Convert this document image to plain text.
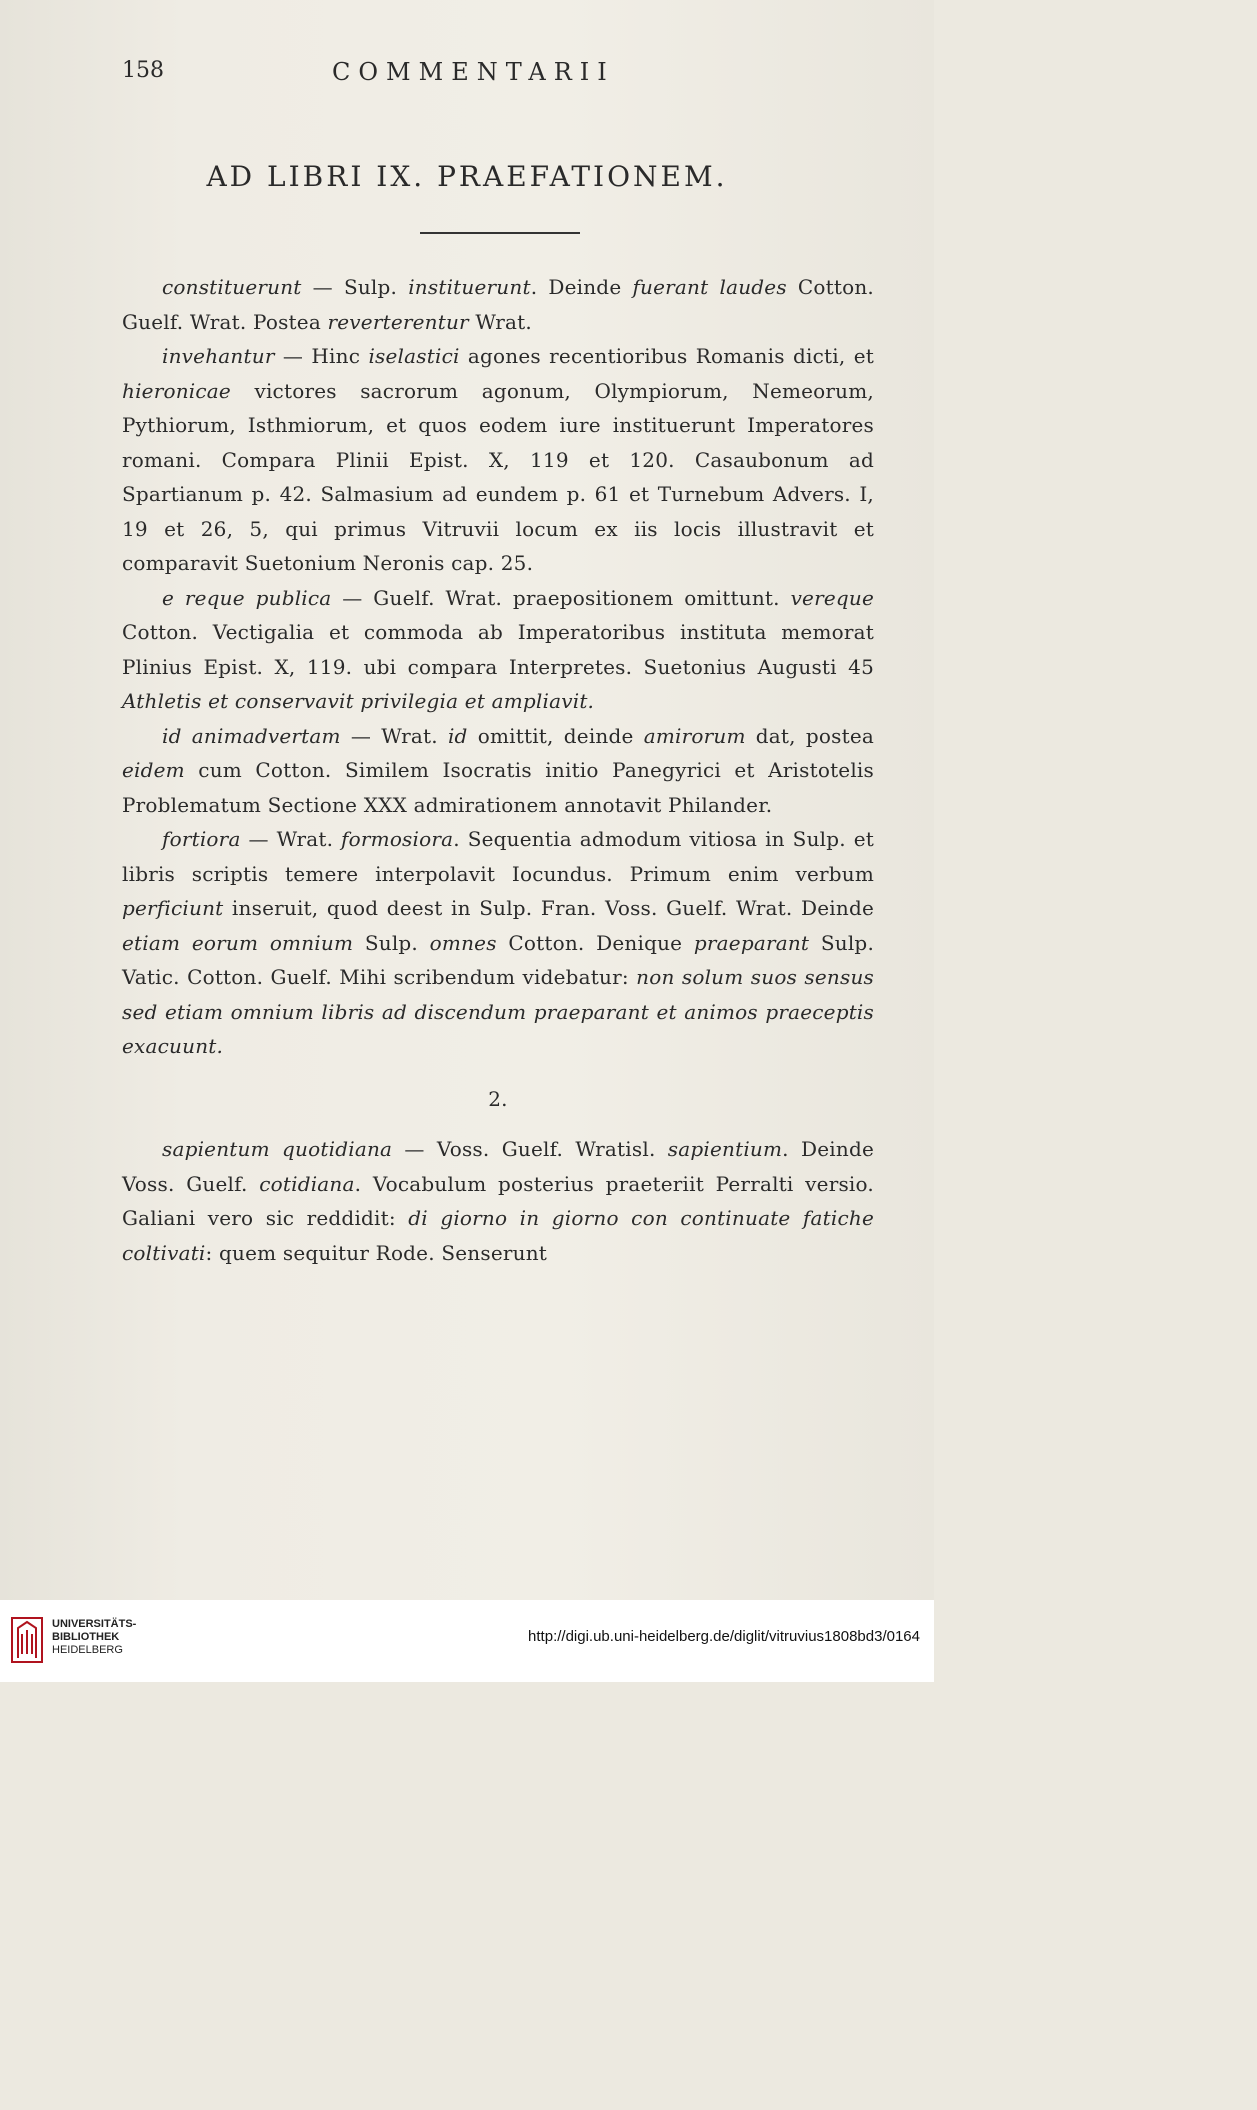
158	COMMENTARII
AD LIBRI IX. PRAEFATIONEM.

constituerunt — Sulp. instituerunt. Deinde fuerant laudes Cotton. Guelf. Wrat. Postea reverterentur Wrat.

invehantur — Hinc iselastici agones recentioribus Romanis dicti, et hieronicae victores sacrorum agonum, Olympiorum, Nemeorum, Pythiorum, Isthmiorum, et quos eodem iure instituerunt Imperatores romani. Compara Plinii Epist. X, 119 et 120. Casaubonum ad Spartianum p. 42. Salmasium ad eundem p. 61 et Turnebum Advers. I, 19 et 26, 5, qui primus Vitruvii locum ex iis locis illustravit et comparavit Suetonium Neronis cap. 25.

e reque publica — Guelf. Wrat. praepositionem omittunt. vereque Cotton. Vectigalia et commoda ab Imperatoribus instituta memorat Plinius Epist. X, 119. ubi compara Interpretes. Suetonius Augusti 45 Athletis et conservavit privilegia et ampliavit.

id animadvertam — Wrat. id omittit, deinde amirorum dat, postea eidem cum Cotton. Similem Isocratis initio Panegyrici et Aristotelis Problematum Sectione XXX admirationem annotavit Philander.

fortiora — Wrat. formosiora. Sequentia admodum vitiosa in Sulp. et libris scriptis temere interpolavit Iocundus. Primum enim verbum perficiunt inseruit, quod deest in Sulp. Fran. Voss. Guelf. Wrat. Deinde etiam eorum omnium Sulp. omnes Cotton. Denique praeparant Sulp. Vatic. Cotton. Guelf. Mihi scribendum videbatur: non solum suos sensus sed etiam omnium libris ad discendum praeparant et animos praeceptis exacuunt.

2.

sapientum quotidiana — Voss. Guelf. Wratisl. sapientium. Deinde Voss. Guelf. cotidiana. Vocabulum posterius praeteriit Perralti versio. Galiani vero sic reddidit: di giorno in giorno con continuate fatiche coltivati: quem sequitur Rode. Senserunt

UNIVERSITÄTS-
BIBLIOTHEK
HEIDELBERG
http://digi.ub.uni-heidelberg.de/diglit/vitruvius1808bd3/0164
